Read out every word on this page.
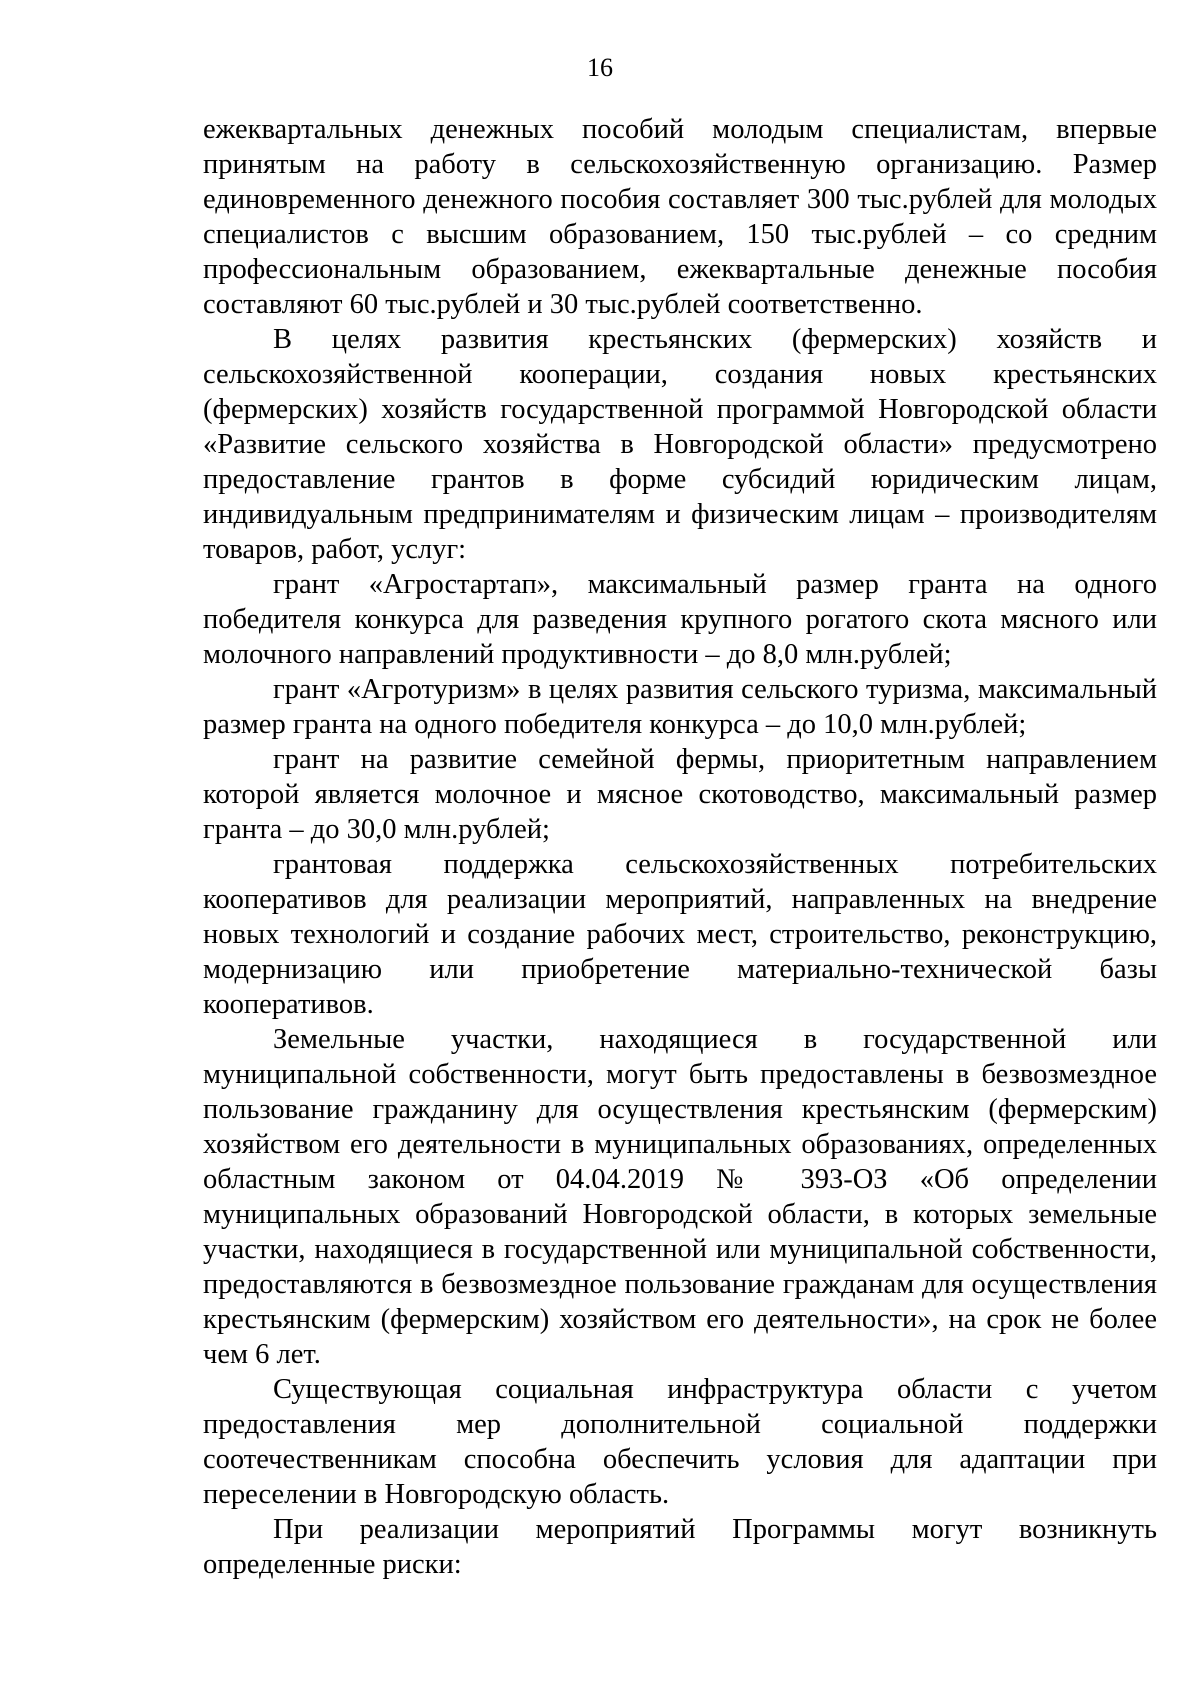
16

ежеквартальных денежных пособий молодым специалистам, впервые принятым на работу в сельскохозяйственную организацию. Размер единовременного денежного пособия составляет 300 тыс.рублей для молодых специалистов с высшим образованием, 150 тыс.рублей – со средним профессиональным образованием, ежеквартальные денежные пособия составляют 60 тыс.рублей и 30 тыс.рублей соответственно.

В целях развития крестьянских (фермерских) хозяйств и сельскохозяйственной кооперации, создания новых крестьянских (фермерских) хозяйств государственной программой Новгородской области «Развитие сельского хозяйства в Новгородской области» предусмотрено предоставление грантов в форме субсидий юридическим лицам, индивидуальным предпринимателям и физическим лицам – производителям товаров, работ, услуг:

грант «Агростартап», максимальный размер гранта на одного победителя конкурса для разведения крупного рогатого скота мясного или молочного направлений продуктивности – до 8,0 млн.рублей;

грант «Агротуризм» в целях развития сельского туризма, максимальный размер гранта на одного победителя конкурса – до 10,0 млн.рублей;

грант на развитие семейной фермы, приоритетным направлением которой является молочное и мясное скотоводство, максимальный размер гранта – до 30,0 млн.рублей;

грантовая поддержка сельскохозяйственных потребительских кооперативов для реализации мероприятий, направленных на внедрение новых технологий и создание рабочих мест, строительство, реконструкцию, модернизацию или приобретение материально-технической базы кооперативов.

Земельные участки, находящиеся в государственной или муниципальной собственности, могут быть предоставлены в безвозмездное пользование гражданину для осуществления крестьянским (фермерским) хозяйством его деятельности в муниципальных образованиях, определенных областным законом от 04.04.2019 № 393-ОЗ «Об определении муниципальных образований Новгородской области, в которых земельные участки, находящиеся в государственной или муниципальной собственности, предоставляются в безвозмездное пользование гражданам для осуществления крестьянским (фермерским) хозяйством его деятельности», на срок не более чем 6 лет.

Существующая социальная инфраструктура области с учетом предоставления мер дополнительной социальной поддержки соотечественникам способна обеспечить условия для адаптации при переселении в Новгородскую область.

При реализации мероприятий Программы могут возникнуть определенные риски:
